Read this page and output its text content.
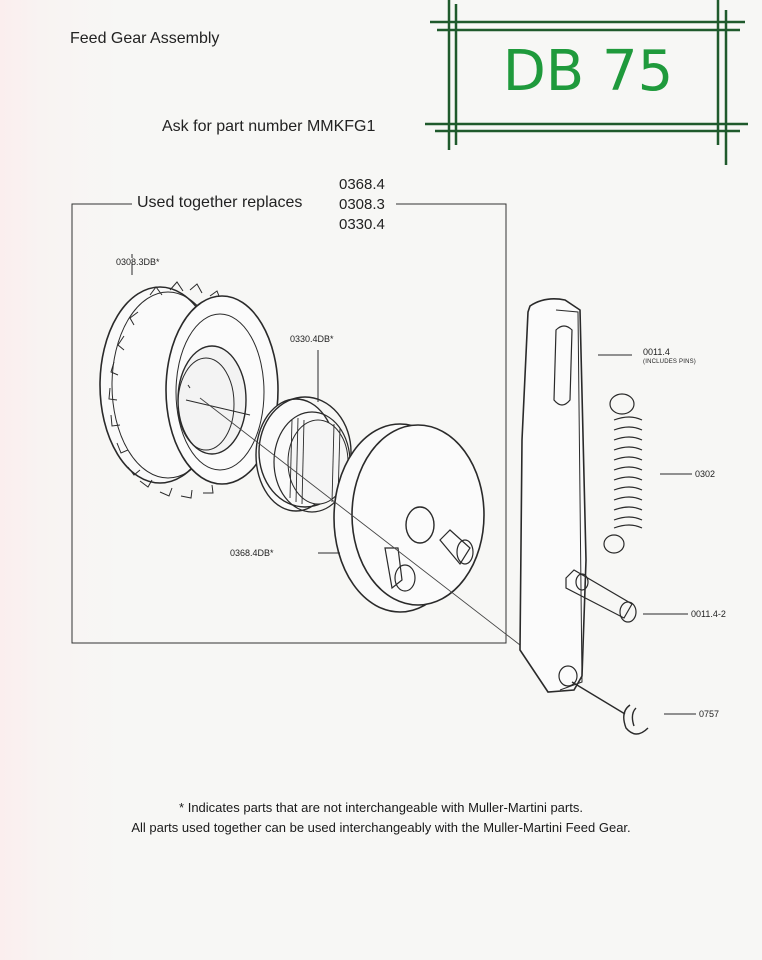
Feed Gear Assembly
Ask for part number MMKFG1
DB 75
Used together replaces
0368.4
0308.3
0330.4
0308.3DB*
0330.4DB*
0368.4DB*
0011.4
(INCLUDES PINS)
0302
0011.4-2
0757
* Indicates parts that are not interchangeable with Muller-Martini parts.
All parts used together can be used interchangeably with the Muller-Martini Feed Gear.
